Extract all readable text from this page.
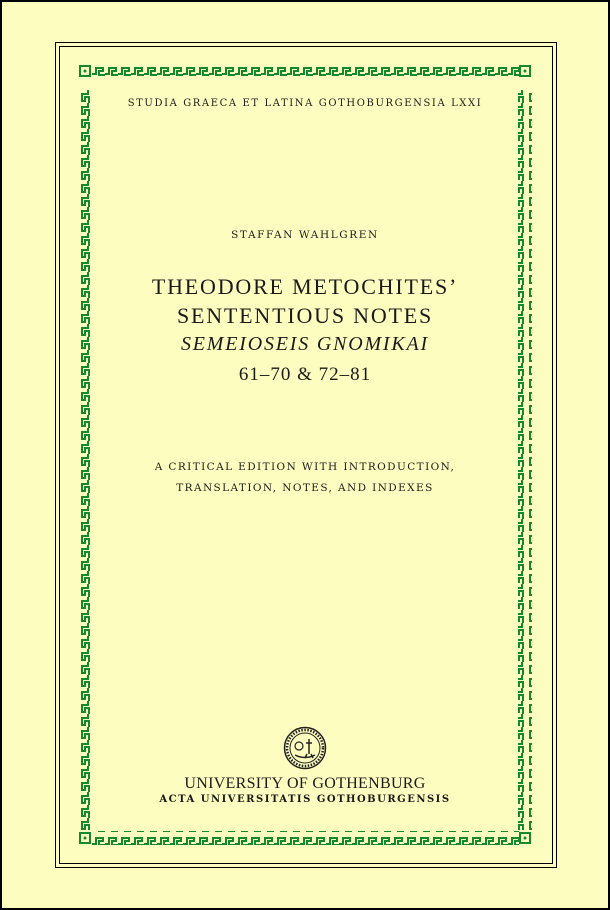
STUDIA GRAECA ET LATINA GOTHOBURGENSIA LXXI
STAFFAN WAHLGREN
THEODORE METOCHITES’
SENTENTIOUS NOTES
SEMEIOSEIS GNOMIKAI
61–70 & 72–81
A CRITICAL EDITION WITH INTRODUCTION,
TRANSLATION, NOTES, AND INDEXES
UNIVERSITY OF GOTHENBURG
ACTA UNIVERSITATIS GOTHOBURGENSIS
